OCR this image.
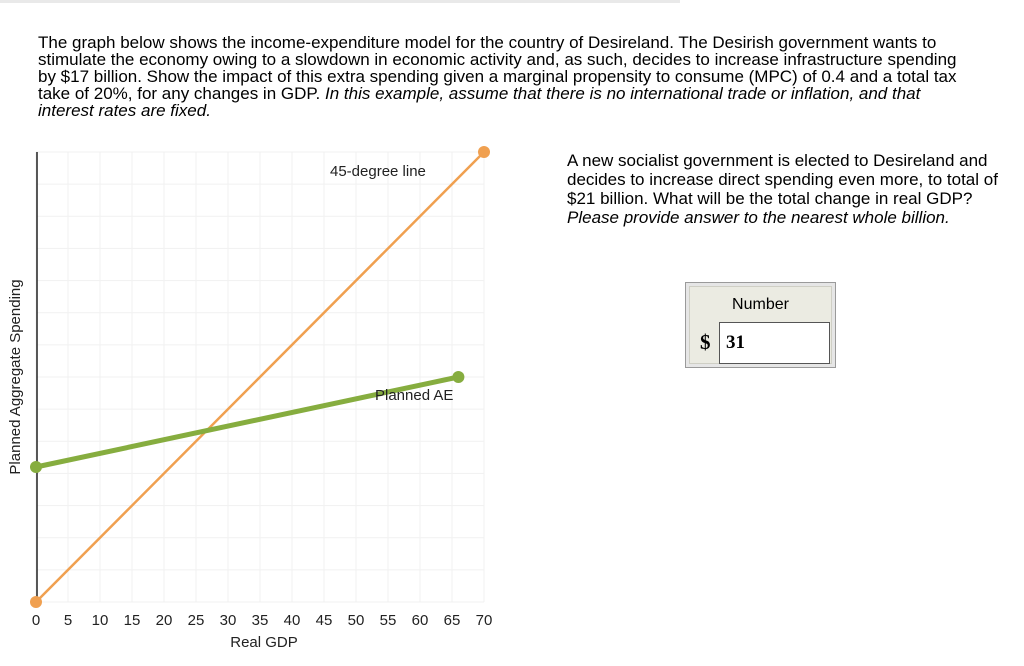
The graph below shows the income-expenditure model for the country of Desireland. The Desirish government wants to stimulate the economy owing to a slowdown in economic activity and, as such, decides to increase infrastructure spending by $17 billion. Show the impact of this extra spending given a marginal propensity to consume (MPC) of 0.4 and a total tax take of 20%, for any changes in GDP. In this example, assume that there is no international trade or inflation, and that interest rates are fixed.
0 5 10 15 20 25 30 35 40 45 50 55 60 65 70
Real GDP
Planned Aggregate Spending
45-degree line
Planned AE
A new socialist government is elected to Desireland and decides to increase direct spending even more, to total of $21 billion. What will be the total change in real GDP? Please provide answer to the nearest whole billion.
Number
$
31
